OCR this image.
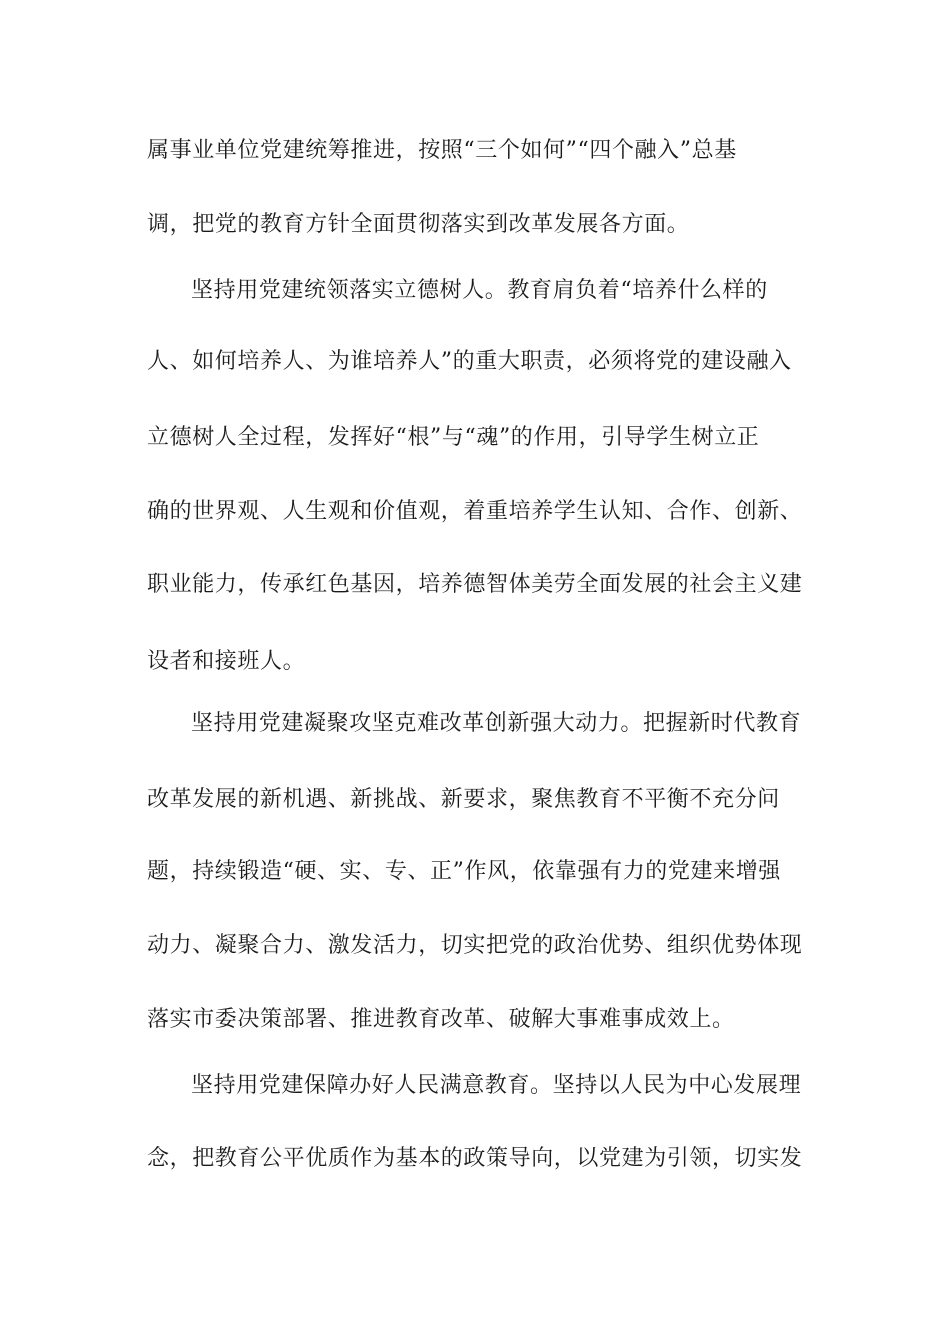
属事业单位党建统筹推进，按照“三个如何”“四个融入”总基
调，把党的教育方针全面贯彻落实到改革发展各方面。
坚持用党建统领落实立德树人。教育肩负着“培养什么样的
人、如何培养人、为谁培养人”的重大职责，必须将党的建设融入
立德树人全过程，发挥好“根”与“魂”的作用，引导学生树立正
确的世界观、人生观和价值观，着重培养学生认知、合作、创新、
职业能力，传承红色基因，培养德智体美劳全面发展的社会主义建
设者和接班人。
坚持用党建凝聚攻坚克难改革创新强大动力。把握新时代教育
改革发展的新机遇、新挑战、新要求，聚焦教育不平衡不充分问
题，持续锻造“硬、实、专、正”作风，依靠强有力的党建来增强
动力、凝聚合力、激发活力，切实把党的政治优势、组织优势体现
落实市委决策部署、推进教育改革、破解大事难事成效上。
坚持用党建保障办好人民满意教育。坚持以人民为中心发展理
念，把教育公平优质作为基本的政策导向，以党建为引领，切实发
